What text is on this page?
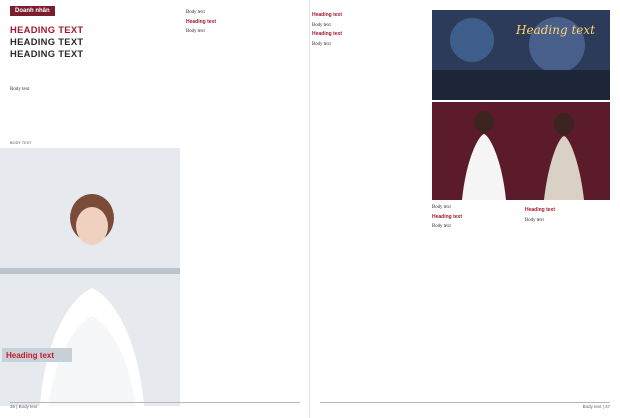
Doanh nhân
HEADING TEXT
HEADING TEXT
HEADING TEXT
Body text
BODY TEXT
Heading text
Body text
Heading text
Body text
Heading text
Body text
Heading text
Body text
Heading text
Body text
Heading text
Body text
Heading text
Body text
36 | Body text	Body text | 37
